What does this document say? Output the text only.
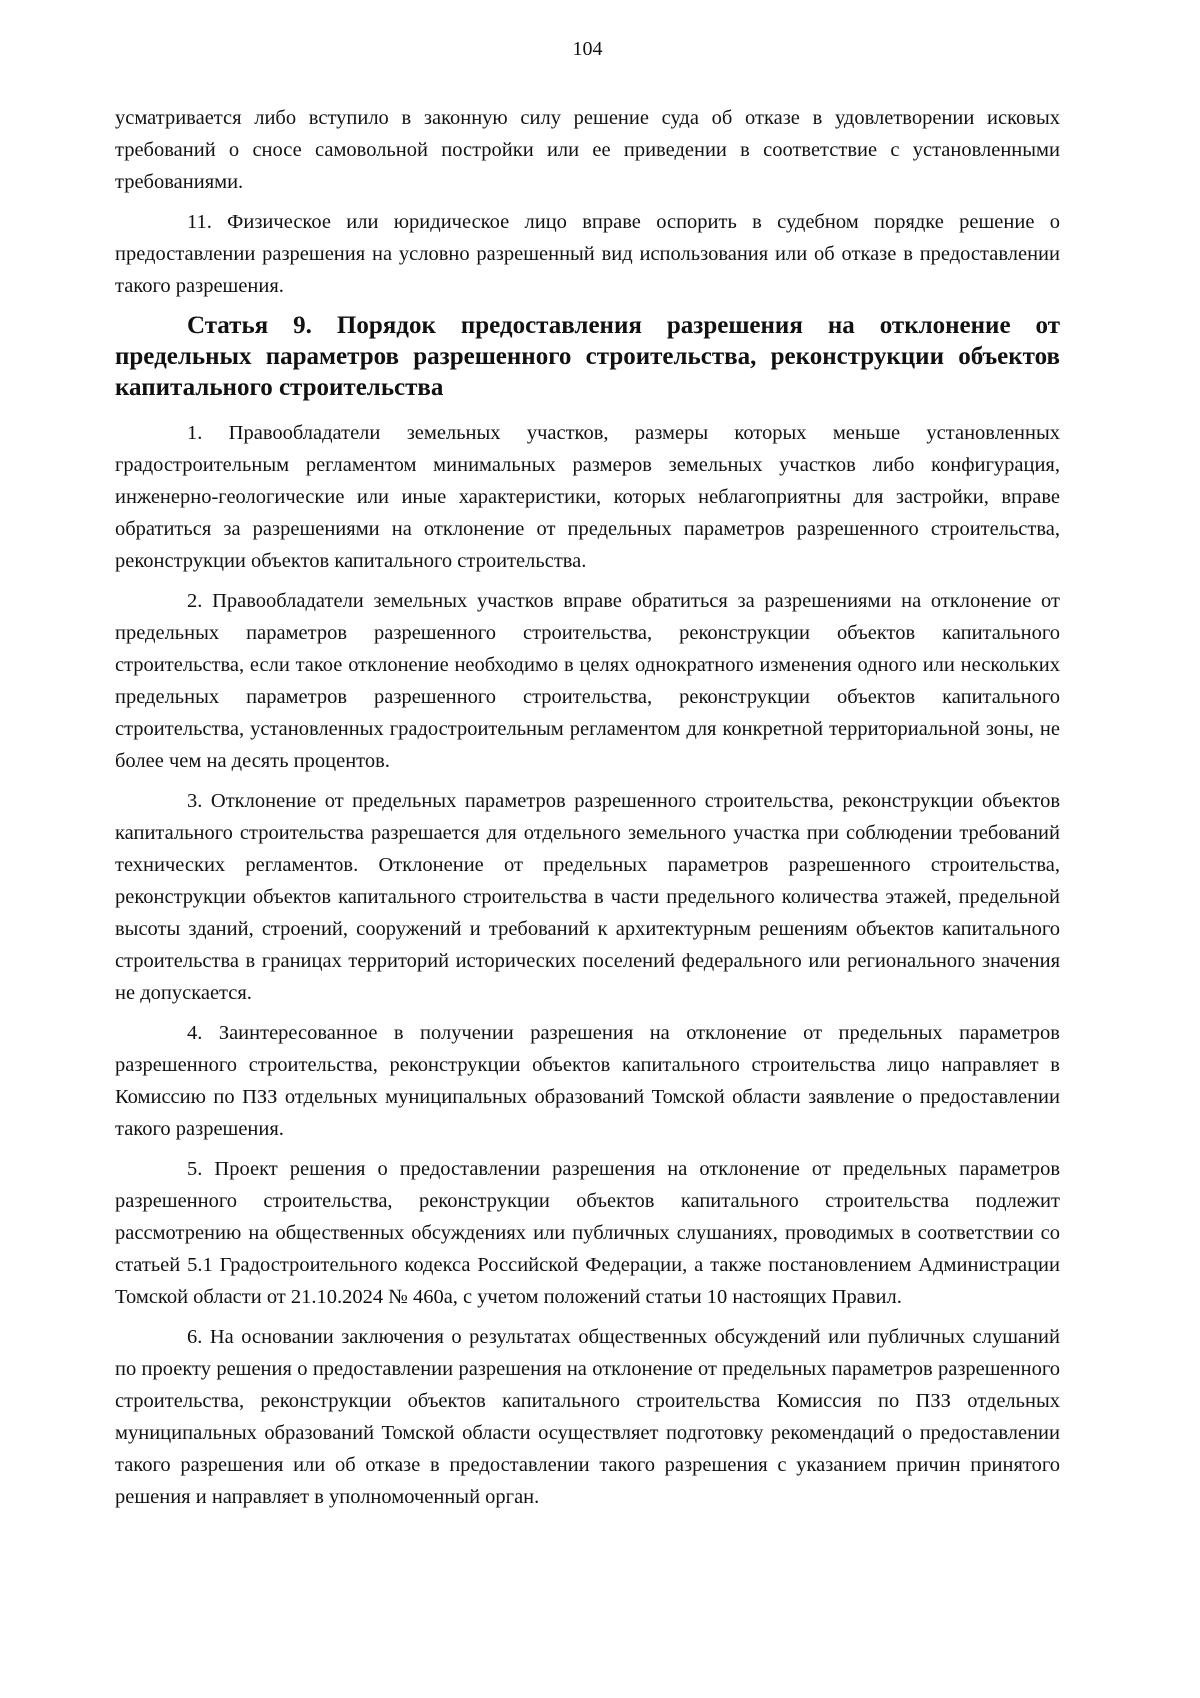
104

усматривается либо вступило в законную силу решение суда об отказе в удовлетворении исковых требований о сносе самовольной постройки или ее приведении в соответствие с установленными требованиями.

11. Физическое или юридическое лицо вправе оспорить в судебном порядке решение о предоставлении разрешения на условно разрешенный вид использования или об отказе в предоставлении такого разрешения.

Статья 9. Порядок предоставления разрешения на отклонение от предельных параметров разрешенного строительства, реконструкции объектов капитального строительства

1. Правообладатели земельных участков, размеры которых меньше установленных градостроительным регламентом минимальных размеров земельных участков либо конфигурация, инженерно-геологические или иные характеристики, которых неблагоприятны для застройки, вправе обратиться за разрешениями на отклонение от предельных параметров разрешенного строительства, реконструкции объектов капитального строительства.

2. Правообладатели земельных участков вправе обратиться за разрешениями на отклонение от предельных параметров разрешенного строительства, реконструкции объектов капитального строительства, если такое отклонение необходимо в целях однократного изменения одного или нескольких предельных параметров разрешенного строительства, реконструкции объектов капитального строительства, установленных градостроительным регламентом для конкретной территориальной зоны, не более чем на десять процентов.

3. Отклонение от предельных параметров разрешенного строительства, реконструкции объектов капитального строительства разрешается для отдельного земельного участка при соблюдении требований технических регламентов. Отклонение от предельных параметров разрешенного строительства, реконструкции объектов капитального строительства в части предельного количества этажей, предельной высоты зданий, строений, сооружений и требований к архитектурным решениям объектов капитального строительства в границах территорий исторических поселений федерального или регионального значения не допускается.

4. Заинтересованное в получении разрешения на отклонение от предельных параметров разрешенного строительства, реконструкции объектов капитального строительства лицо направляет в Комиссию по ПЗЗ отдельных муниципальных образований Томской области заявление о предоставлении такого разрешения.

5. Проект решения о предоставлении разрешения на отклонение от предельных параметров разрешенного строительства, реконструкции объектов капитального строительства подлежит рассмотрению на общественных обсуждениях или публичных слушаниях, проводимых в соответствии со статьей 5.1 Градостроительного кодекса Российской Федерации, а также постановлением Администрации Томской области от 21.10.2024 № 460а, с учетом положений статьи 10 настоящих Правил.

6. На основании заключения о результатах общественных обсуждений или публичных слушаний по проекту решения о предоставлении разрешения на отклонение от предельных параметров разрешенного строительства, реконструкции объектов капитального строительства Комиссия по ПЗЗ отдельных муниципальных образований Томской области осуществляет подготовку рекомендаций о предоставлении такого разрешения или об отказе в предоставлении такого разрешения с указанием причин принятого решения и направляет в уполномоченный орган.
